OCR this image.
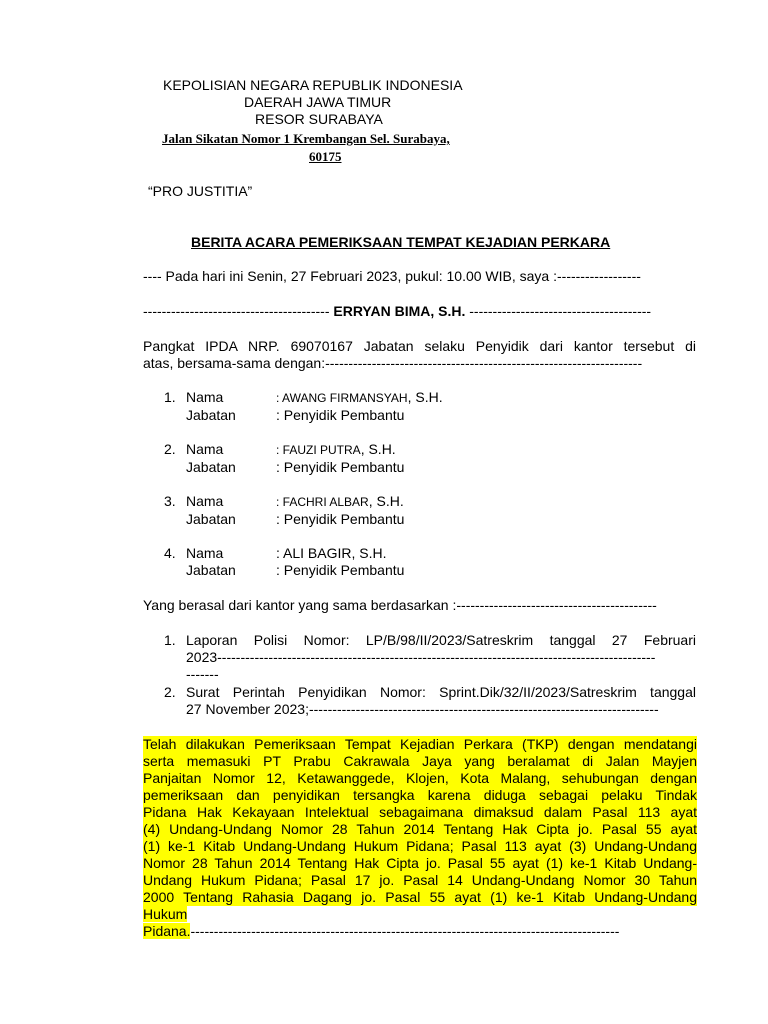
KEPOLISIAN NEGARA REPUBLIK INDONESIA
DAERAH JAWA TIMUR
RESOR SURABAYA
Jalan Sikatan Nomor 1 Krembangan Sel. Surabaya,
60175
“PRO JUSTITIA”
BERITA ACARA PEMERIKSAAN TEMPAT KEJADIAN PERKARA
---- Pada hari ini Senin, 27 Februari 2023, pukul: 10.00 WIB, saya :------------------
---------------------------------------- ERRYAN BIMA, S.H. ---------------------------------------
Pangkat IPDA NRP. 69070167 Jabatan selaku Penyidik dari kantor tersebut di
atas, bersama-sama dengan:--------------------------------------------------------------------
1. Nama	: AWANG FIRMANSYAH, S.H.
Jabatan	: Penyidik Pembantu
2. Nama	: FAUZI PUTRA, S.H.
Jabatan	: Penyidik Pembantu
3. Nama	: FACHRI ALBAR, S.H.
Jabatan	: Penyidik Pembantu
4. Nama	: ALI BAGIR, S.H.
Jabatan	: Penyidik Pembantu
Yang berasal dari kantor yang sama berdasarkan :-------------------------------------------
1. Laporan Polisi Nomor: LP/B/98/II/2023/Satreskrim tanggal 27 Februari
2023----------------------------------------------------------------------------------------------
-------
2. Surat Perintah Penyidikan Nomor: Sprint.Dik/32/II/2023/Satreskrim tanggal
27 November 2023;---------------------------------------------------------------------------
Telah dilakukan Pemeriksaan Tempat Kejadian Perkara (TKP) dengan mendatangi
serta memasuki PT Prabu Cakrawala Jaya yang beralamat di Jalan Mayjen
Panjaitan Nomor 12, Ketawanggede, Klojen, Kota Malang, sehubungan dengan
pemeriksaan dan penyidikan tersangka karena diduga sebagai pelaku Tindak
Pidana Hak Kekayaan Intelektual sebagaimana dimaksud dalam Pasal 113 ayat
(4) Undang-Undang Nomor 28 Tahun 2014 Tentang Hak Cipta jo. Pasal 55 ayat
(1) ke-1 Kitab Undang-Undang Hukum Pidana; Pasal 113 ayat (3) Undang-Undang
Nomor 28 Tahun 2014 Tentang Hak Cipta jo. Pasal 55 ayat (1) ke-1 Kitab Undang-
Undang Hukum Pidana; Pasal 17 jo. Pasal 14 Undang-Undang Nomor 30 Tahun
2000 Tentang Rahasia Dagang jo. Pasal 55 ayat (1) ke-1 Kitab Undang-Undang
Hukum
Pidana.--------------------------------------------------------------------------------------------
